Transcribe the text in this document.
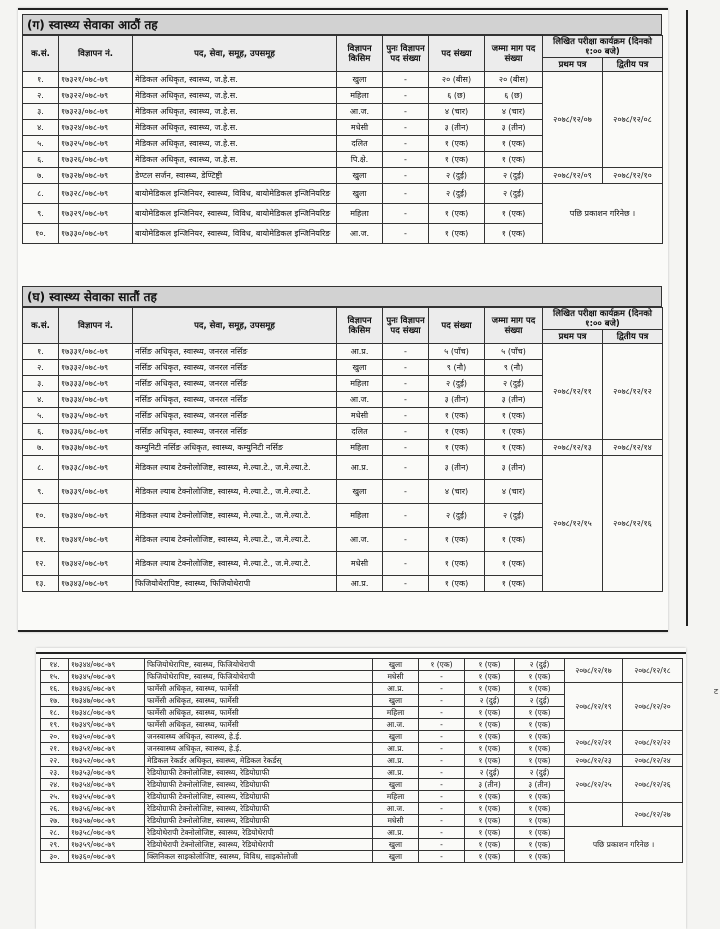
(ग) स्वास्थ्य सेवाका आठौं तह
क.सं.	विज्ञापन नं.	पद, सेवा, समूह, उपसमूह	विज्ञापन किसिम	पुनः विज्ञापन पद संख्या	पद संख्या	जम्मा माग पद संख्या	लिखित परीक्षा कार्यक्रम (दिनको १:०० बजे)	
							प्रथम पत्र	द्वितीय पत्र
१.	१७३२१/०७८-७९	मेडिकल अधिकृत, स्वास्थ्य, ज.हे.स.	खुला	-	२० (बीस)	२० (बीस)	२०७८/१२/०७	२०७८/१२/०८
२.	१७३२२/०७८-७९	मेडिकल अधिकृत, स्वास्थ्य, ज.हे.स.	महिला	-	६ (छ)	६ (छ)		
३.	१७३२३/०७८-७९	मेडिकल अधिकृत, स्वास्थ्य, ज.हे.स.	आ.ज.	-	४ (चार)	४ (चार)		
४.	१७३२४/०७८-७९	मेडिकल अधिकृत, स्वास्थ्य, ज.हे.स.	मधेसी	-	३ (तीन)	३ (तीन)		
५.	१७३२५/०७८-७९	मेडिकल अधिकृत, स्वास्थ्य, ज.हे.स.	दलित	-	१ (एक)	१ (एक)		
६.	१७३२६/०७८-७९	मेडिकल अधिकृत, स्वास्थ्य, ज.हे.स.	पि.क्षे.	-	१ (एक)	१ (एक)		
७.	१७३२७/०७८-७९	डेण्टल सर्जन, स्वास्थ्य, डेण्टिष्ट्री	खुला	-	२ (दुई)	२ (दुई)	२०७८/१२/०९	२०७८/१२/१०
८.	१७३२८/०७८-७९	बायोमेडिकल इन्जिनियर, स्वास्थ्य, विविध, बायोमेडिकल इन्जिनियरिङ	खुला	-	२ (दुई)	२ (दुई)	पछि प्रकाशन गरिनेछ ।	
९.	१७३२९/०७८-७९	बायोमेडिकल इन्जिनियर, स्वास्थ्य, विविध, बायोमेडिकल इन्जिनियरिङ	महिला	-	१ (एक)	१ (एक)		
१०.	१७३३०/०७८-७९	बायोमेडिकल इन्जिनियर, स्वास्थ्य, विविध, बायोमेडिकल इन्जिनियरिङ	आ.ज.	-	१ (एक)	१ (एक)		
(घ) स्वास्थ्य सेवाका सातौं तह
क.सं.	विज्ञापन नं.	पद, सेवा, समूह, उपसमूह	विज्ञापन किसिम	पुनः विज्ञापन पद संख्या	पद संख्या	जम्मा माग पद संख्या	लिखित परीक्षा कार्यक्रम (दिनको १:०० बजे)	
							प्रथम पत्र	द्वितीय पत्र
१.	१७३३१/०७८-७९	नर्सिङ अधिकृत, स्वास्थ्य, जनरल नर्सिङ	आ.प्र.	-	५ (पाँच)	५ (पाँच)	२०७८/१२/११	२०७८/१२/१२
२.	१७३३२/०७८-७९	नर्सिङ अधिकृत, स्वास्थ्य, जनरल नर्सिङ	खुला	-	९ (नौ)	९ (नौ)		
३.	१७३३३/०७८-७९	नर्सिङ अधिकृत, स्वास्थ्य, जनरल नर्सिङ	महिला	-	२ (दुई)	२ (दुई)		
४.	१७३३४/०७८-७९	नर्सिङ अधिकृत, स्वास्थ्य, जनरल नर्सिङ	आ.ज.	-	३ (तीन)	३ (तीन)		
५.	१७३३५/०७८-७९	नर्सिङ अधिकृत, स्वास्थ्य, जनरल नर्सिङ	मधेसी	-	१ (एक)	१ (एक)		
६.	१७३३६/०७८-७९	नर्सिङ अधिकृत, स्वास्थ्य, जनरल नर्सिङ	दलित	-	१ (एक)	१ (एक)		
७.	१७३३७/०७८-७९	कम्युनिटी नर्सिङ अधिकृत, स्वास्थ्य, कम्युनिटी नर्सिङ	महिला	-	१ (एक)	१ (एक)	२०७८/१२/१३	२०७८/१२/१४
८.	१७३३८/०७८-७९	मेडिकल ल्याब टेक्नोलोजिष्ट, स्वास्थ्य, मे.ल्या.टे., ज.मे.ल्या.टे.	आ.प्र.	-	३ (तीन)	३ (तीन)	२०७८/१२/१५	२०७८/१२/१६
९.	१७३३९/०७८-७९	मेडिकल ल्याब टेक्नोलोजिष्ट, स्वास्थ्य, मे.ल्या.टे., ज.मे.ल्या.टे.	खुला	-	४ (चार)	४ (चार)		
१०.	१७३४०/०७८-७९	मेडिकल ल्याब टेक्नोलोजिष्ट, स्वास्थ्य, मे.ल्या.टे., ज.मे.ल्या.टे.	महिला	-	२ (दुई)	२ (दुई)		
११.	१७३४१/०७८-७९	मेडिकल ल्याब टेक्नोलोजिष्ट, स्वास्थ्य, मे.ल्या.टे., ज.मे.ल्या.टे.	आ.ज.	-	१ (एक)	१ (एक)		
१२.	१७३४२/०७८-७९	मेडिकल ल्याब टेक्नोलोजिष्ट, स्वास्थ्य, मे.ल्या.टे., ज.मे.ल्या.टे.	मधेसी	-	१ (एक)	१ (एक)		
१३.	१७३४३/०७८-७९	फिजियोथेरापिष्ट, स्वास्थ्य, फिजियोथेरापी	आ.प्र.	-	१ (एक)	१ (एक)		
१४.	१७३४४/०७८-७९	फिजियोथेरापिष्ट, स्वास्थ्य, फिजियोथेरापी	खुला	१ (एक)	१ (एक)	२ (दुई)	२०७८/१२/१७	२०७८/१२/१८
१५.	१७३४५/०७८-७९	फिजियोथेरापिष्ट, स्वास्थ्य, फिजियोथेरापी	मधेसी	-	१ (एक)	१ (एक)		
१६.	१७३४६/०७८-७९	फार्मेसी अधिकृत, स्वास्थ्य, फार्मेसी	आ.प्र.	-	१ (एक)	१ (एक)	२०७८/१२/१९	२०७८/१२/२०
१७.	१७३४७/०७८-७९	फार्मेसी अधिकृत, स्वास्थ्य, फार्मेसी	खुला	-	२ (दुई)	२ (दुई)		
१८.	१७३४८/०७८-७९	फार्मेसी अधिकृत, स्वास्थ्य, फार्मेसी	महिला	-	१ (एक)	१ (एक)		
१९.	१७३४९/०७८-७९	फार्मेसी अधिकृत, स्वास्थ्य, फार्मेसी	आ.ज.	-	१ (एक)	१ (एक)		
२०.	१७३५०/०७८-७९	जनस्वास्थ्य अधिकृत, स्वास्थ्य, हे.ई.	खुला	-	१ (एक)	१ (एक)	२०७८/१२/२१	२०७८/१२/२२
२१.	१७३५१/०७८-७९	जनस्वास्थ्य अधिकृत, स्वास्थ्य, हे.ई.	आ.प्र.	-	१ (एक)	१ (एक)		
२२.	१७३५२/०७८-७९	मेडिकल रेकर्डर अधिकृत, स्वास्थ्य, मेडिकल रेकर्डस्	आ.प्र.	-	१ (एक)	१ (एक)	२०७८/१२/२३	२०७८/१२/२४
२३.	१७३५३/०७८-७९	रेडियोग्राफी टेक्नोलोजिष्ट, स्वास्थ्य, रेडियोग्राफी	आ.प्र.	-	२ (दुई)	२ (दुई)	२०७८/१२/२५	२०७८/१२/२६
२४.	१७३५४/०७८-७९	रेडियोग्राफी टेक्नोलोजिष्ट, स्वास्थ्य, रेडियोग्राफी	खुला	-	३ (तीन)	३ (तीन)		
२५.	१७३५५/०७८-७९	रेडियोग्राफी टेक्नोलोजिष्ट, स्वास्थ्य, रेडियोग्राफी	महिला	-	१ (एक)	१ (एक)		
२६.	१७३५६/०७८-७९	रेडियोग्राफी टेक्नोलोजिष्ट, स्वास्थ्य, रेडियोग्राफी	आ.ज.	-	१ (एक)	१ (एक)		२०७८/१२/२७
२७.	१७३५७/०७८-७९	रेडियोग्राफी टेक्नोलोजिष्ट, स्वास्थ्य, रेडियोग्राफी	मधेसी	-	१ (एक)	१ (एक)		
२८.	१७३५८/०७८-७९	रेडियोथेरापी टेक्नोलोजिष्ट, स्वास्थ्य, रेडियोथेरापी	आ.प्र.	-	१ (एक)	१ (एक)	पछि प्रकाशन गरिनेछ ।	
२९.	१७३५९/०७८-७९	रेडियोथेरापी टेक्नोलोजिष्ट, स्वास्थ्य, रेडियोथेरापी	खुला	-	१ (एक)	१ (एक)		
३०.	१७३६०/०७८-७९	क्लिनिकल साइकोलोजिष्ट, स्वास्थ्य, विविध, साइकोलोजी	खुला	-	१ (एक)	१ (एक)		
ट
